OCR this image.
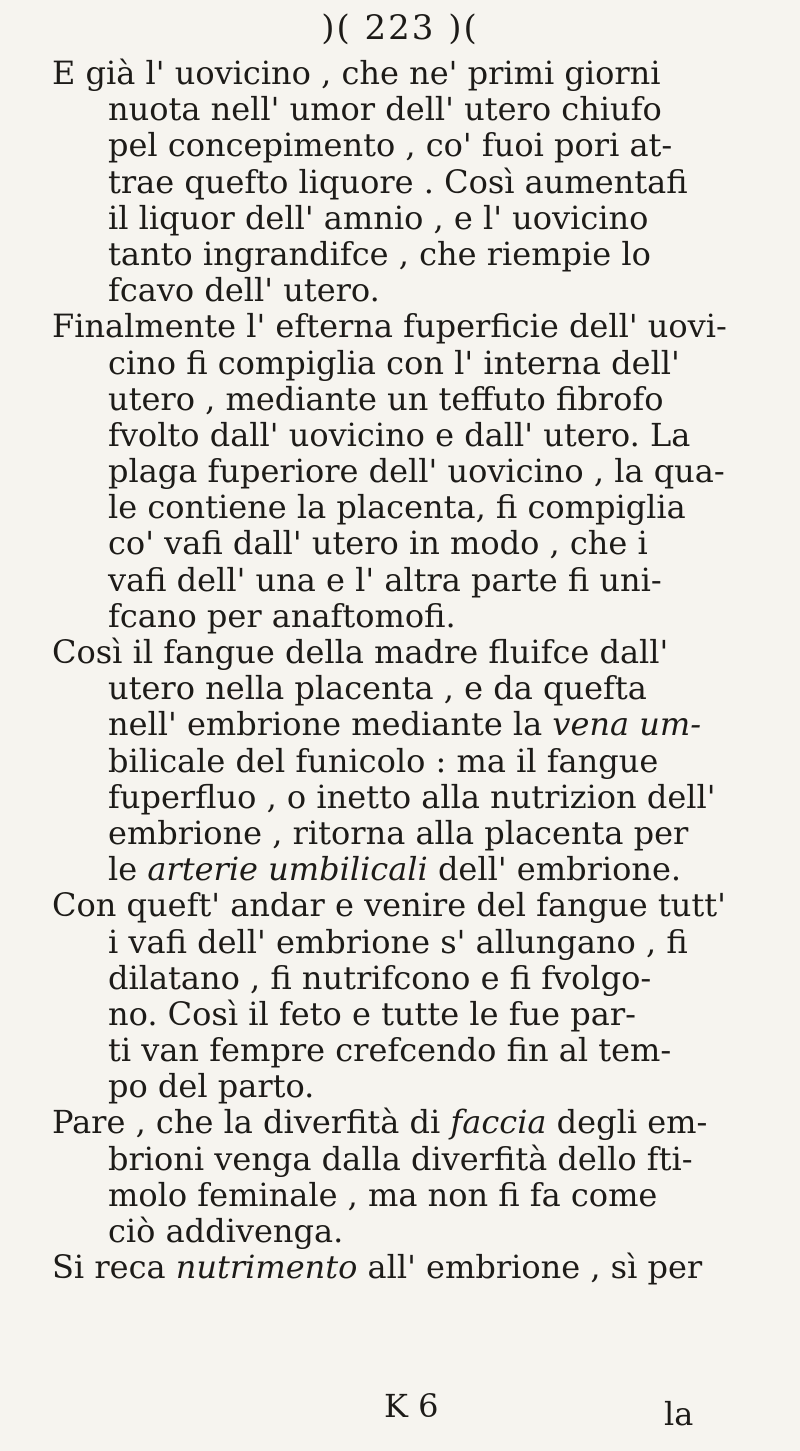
)( 223 )(
E già l' uovicino , che ne' primi giorni
nuota nell' umor dell' utero chiufo
pel concepimento , co' fuoi pori at-
trae quefto liquore . Così aumentafi
il liquor dell' amnio , e l' uovicino
tanto ingrandifce , che riempie lo
fcavo dell' utero.
Finalmente l' efterna fuperficie dell' uovi-
cino fi compiglia con l' interna dell'
utero , mediante un teffuto fibrofo
fvolto dall' uovicino e dall' utero. La
plaga fuperiore dell' uovicino , la qua-
le contiene la placenta, fi compiglia
co' vafi dall' utero in modo , che i
vafi dell' una e l' altra parte fi uni-
fcano per anaftomofi.
Così il fangue della madre fluifce dall'
utero nella placenta , e da quefta
nell' embrione mediante la vena um-
bilicale del funicolo : ma il fangue
fuperfluo , o inetto alla nutrizion dell'
embrione , ritorna alla placenta per
le arterie umbilicali dell' embrione.
Con queft' andar e venire del fangue tutt'
i vafi dell' embrione s' allungano , fi
dilatano , fi nutrifcono e fi fvolgo-
no. Così il feto e tutte le fue par-
ti van fempre crefcendo fin al tem-
po del parto.
Pare , che la diverfità di faccia degli em-
brioni venga dalla diverfità dello fti-
molo feminale , ma non fi fa come
ciò addivenga.
Si reca nutrimento all' embrione , sì per
K 6	la
